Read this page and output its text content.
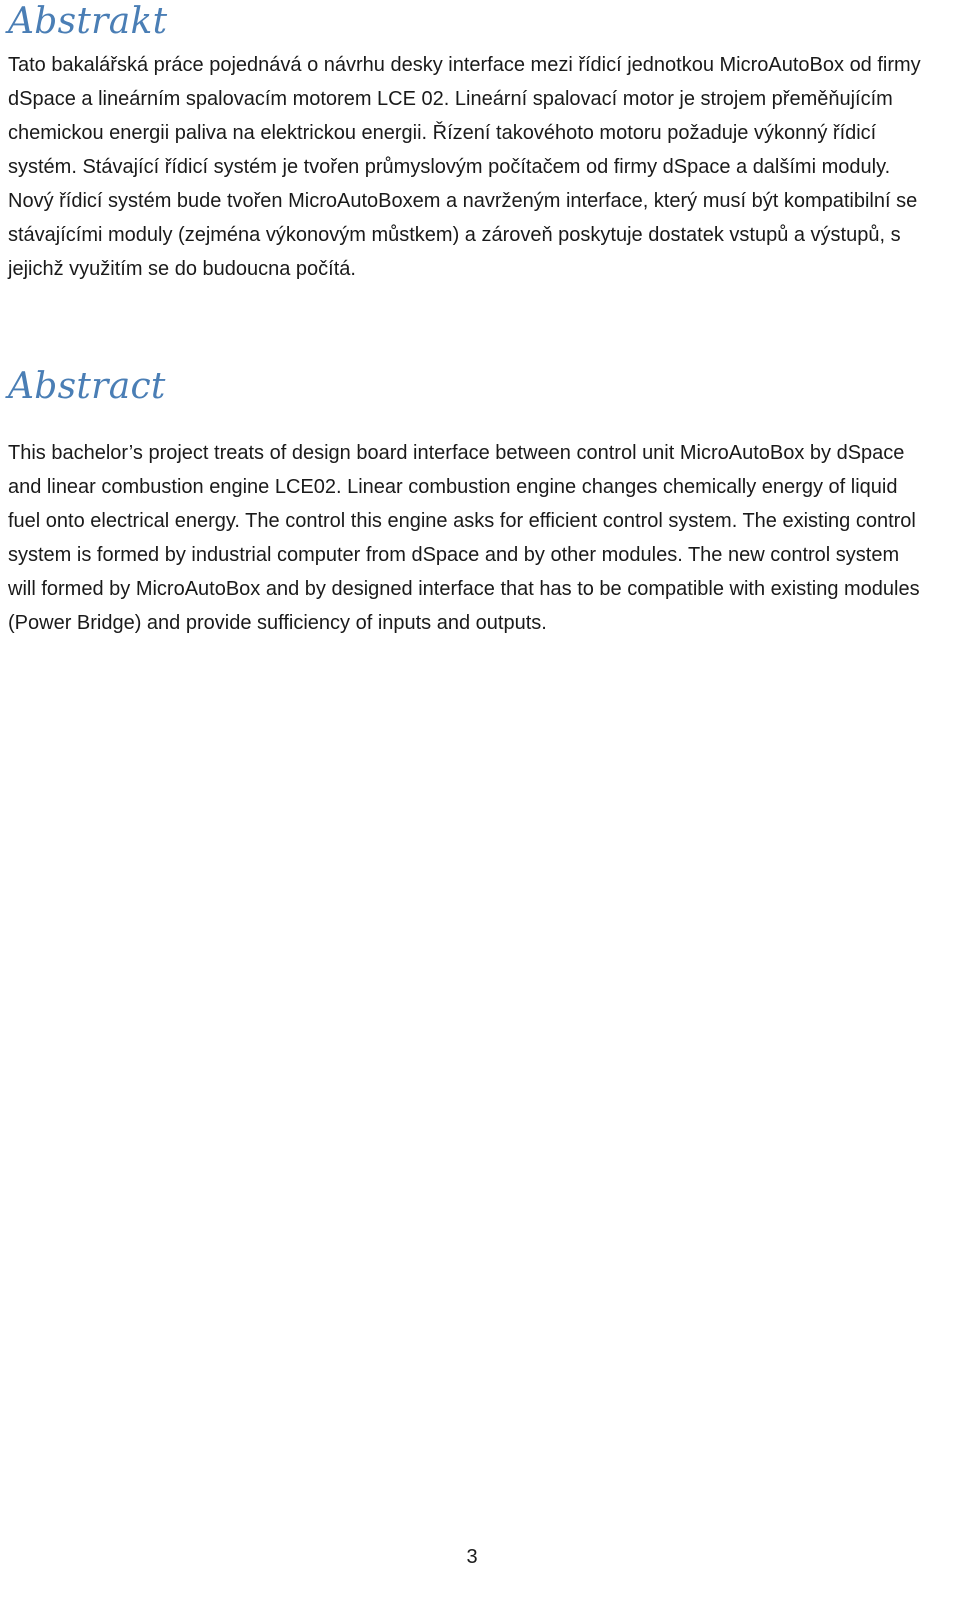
Abstrakt

Tato bakalářská práce pojednává o návrhu desky interface mezi řídicí jednotkou MicroAutoBox od firmy dSpace a lineárním spalovacím motorem LCE 02. Lineární spalovací motor je strojem přeměňujícím chemickou energii paliva na elektrickou energii. Řízení takovéhoto motoru požaduje výkonný řídicí systém. Stávající řídicí systém je tvořen průmyslovým počítačem od firmy dSpace a dalšími moduly. Nový řídicí systém bude tvořen MicroAutoBoxem a navrženým interface, který musí být kompatibilní se stávajícími moduly (zejména výkonovým můstkem) a zároveň poskytuje dostatek vstupů a výstupů, s jejichž využitím se do budoucna počítá.

Abstract

This bachelor’s project treats of design board interface between control unit MicroAutoBox by dSpace and linear combustion engine LCE02. Linear combustion engine changes chemically energy of liquid fuel onto electrical energy. The control this engine asks for efficient control system. The existing control system is formed by industrial computer from dSpace and by other modules. The new control system will formed by MicroAutoBox and by designed interface that has to be compatible with existing modules (Power Bridge) and provide sufficiency of inputs and outputs.

3
